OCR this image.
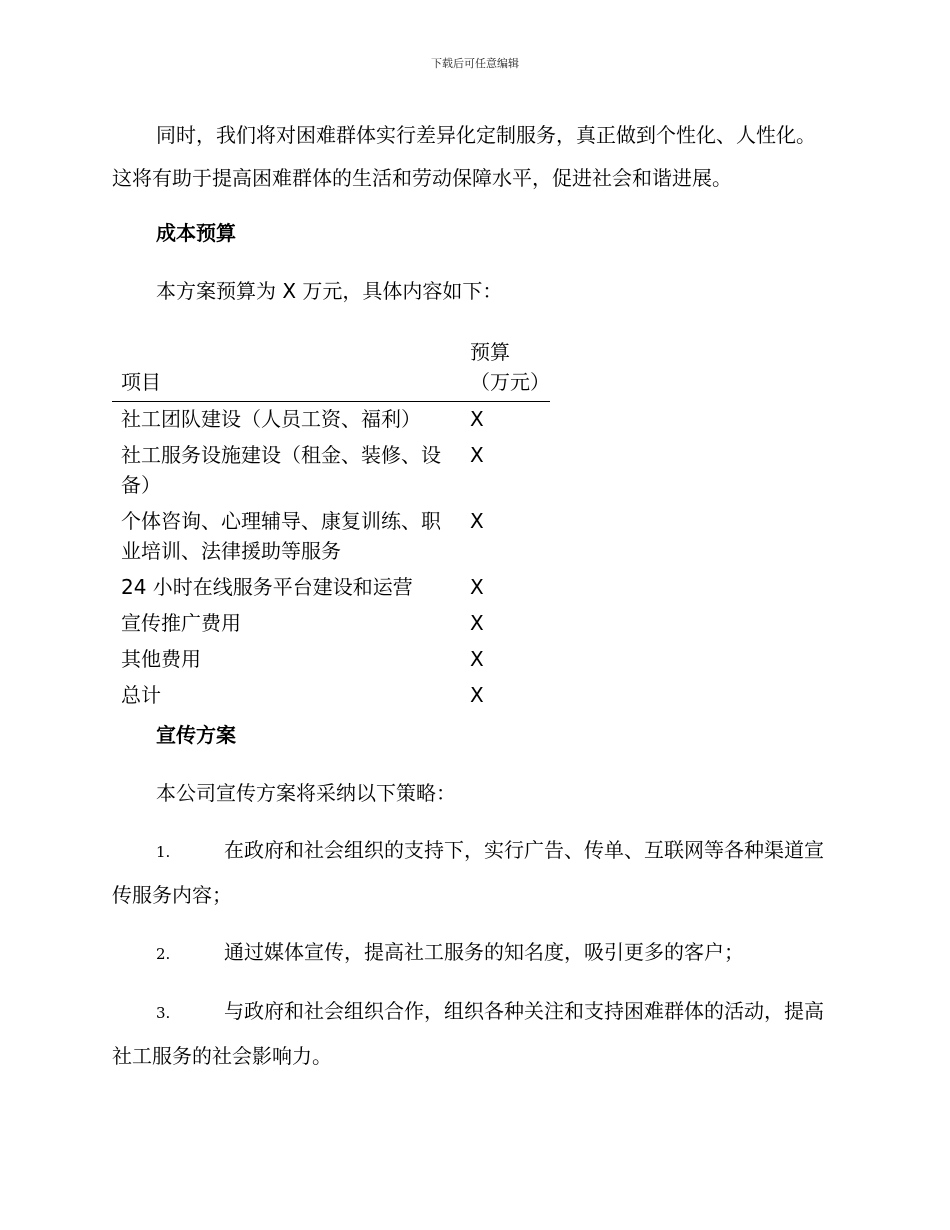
下载后可任意编辑

同时，我们将对困难群体实行差异化定制服务，真正做到个性化、人性化。这将有助于提高困难群体的生活和劳动保障水平，促进社会和谐进展。

成本预算

本方案预算为 X 万元，具体内容如下：

项目	预算（万元）
社工团队建设（人员工资、福利）	X
社工服务设施建设（租金、装修、设备）	X
个体咨询、心理辅导、康复训练、职业培训、法律援助等服务	X
24 小时在线服务平台建设和运营	X
宣传推广费用	X
其他费用	X
总计	X

宣传方案

本公司宣传方案将采纳以下策略：

1.	在政府和社会组织的支持下，实行广告、传单、互联网等各种渠道宣传服务内容；

2.	通过媒体宣传，提高社工服务的知名度，吸引更多的客户；

3.	与政府和社会组织合作，组织各种关注和支持困难群体的活动，提高社工服务的社会影响力。
